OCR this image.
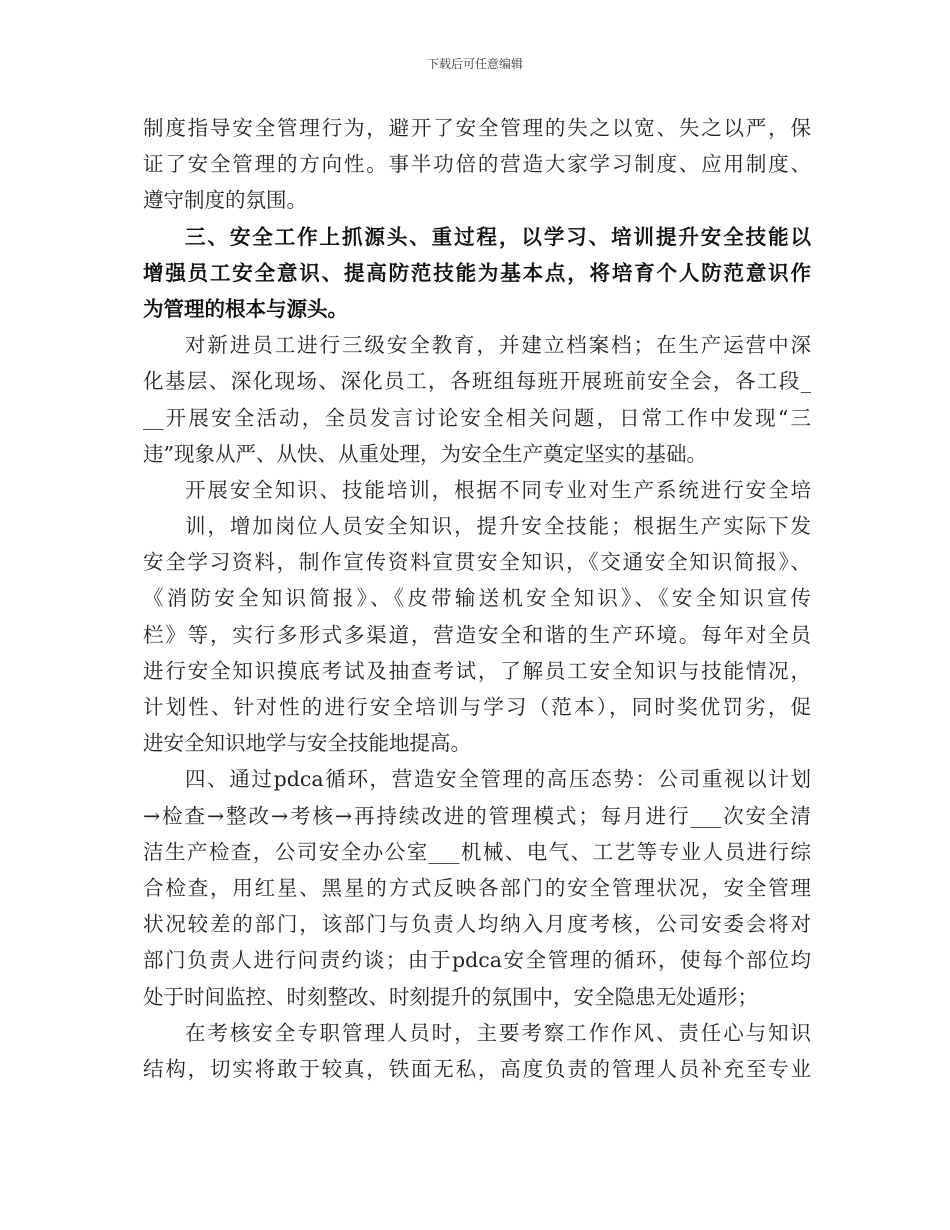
下载后可任意编辑
制度指导安全管理行为，避开了安全管理的失之以宽、失之以严，保
证了安全管理的方向性。事半功倍的营造大家学习制度、应用制度、
遵守制度的氛围。
三、安全工作上抓源头、重过程，以学习、培训提升安全技能以
增强员工安全意识、提高防范技能为基本点，将培育个人防范意识作
为管理的根本与源头。
对新进员工进行三级安全教育，并建立档案档；在生产运营中深
化基层、深化现场、深化员工，各班组每班开展班前安全会，各工段_
__开展安全活动，全员发言讨论安全相关问题，日常工作中发现“三
违”现象从严、从快、从重处理，为安全生产奠定坚实的基础。
开展安全知识、技能培训，根据不同专业对生产系统进行安全培
训，增加岗位人员安全知识，提升安全技能；根据生产实际下发
安全学习资料，制作宣传资料宣贯安全知识，《交通安全知识简报》、
《消防安全知识简报》、《皮带输送机安全知识》、《安全知识宣传
栏》等，实行多形式多渠道，营造安全和谐的生产环境。每年对全员
进行安全知识摸底考试及抽查考试，了解员工安全知识与技能情况，
计划性、针对性的进行安全培训与学习（范本），同时奖优罚劣，促
进安全知识地学与安全技能地提高。
四、通过pdca循环，营造安全管理的高压态势：公司重视以计划
→检查→整改→考核→再持续改进的管理模式；每月进行___次安全清
洁生产检查，公司安全办公室___机械、电气、工艺等专业人员进行综
合检查，用红星、黑星的方式反映各部门的安全管理状况，安全管理
状况较差的部门，该部门与负责人均纳入月度考核，公司安委会将对
部门负责人进行问责约谈；由于pdca安全管理的循环，使每个部位均
处于时间监控、时刻整改、时刻提升的氛围中，安全隐患无处遁形；
在考核安全专职管理人员时，主要考察工作作风、责任心与知识
结构，切实将敢于较真，铁面无私，高度负责的管理人员补充至专业
